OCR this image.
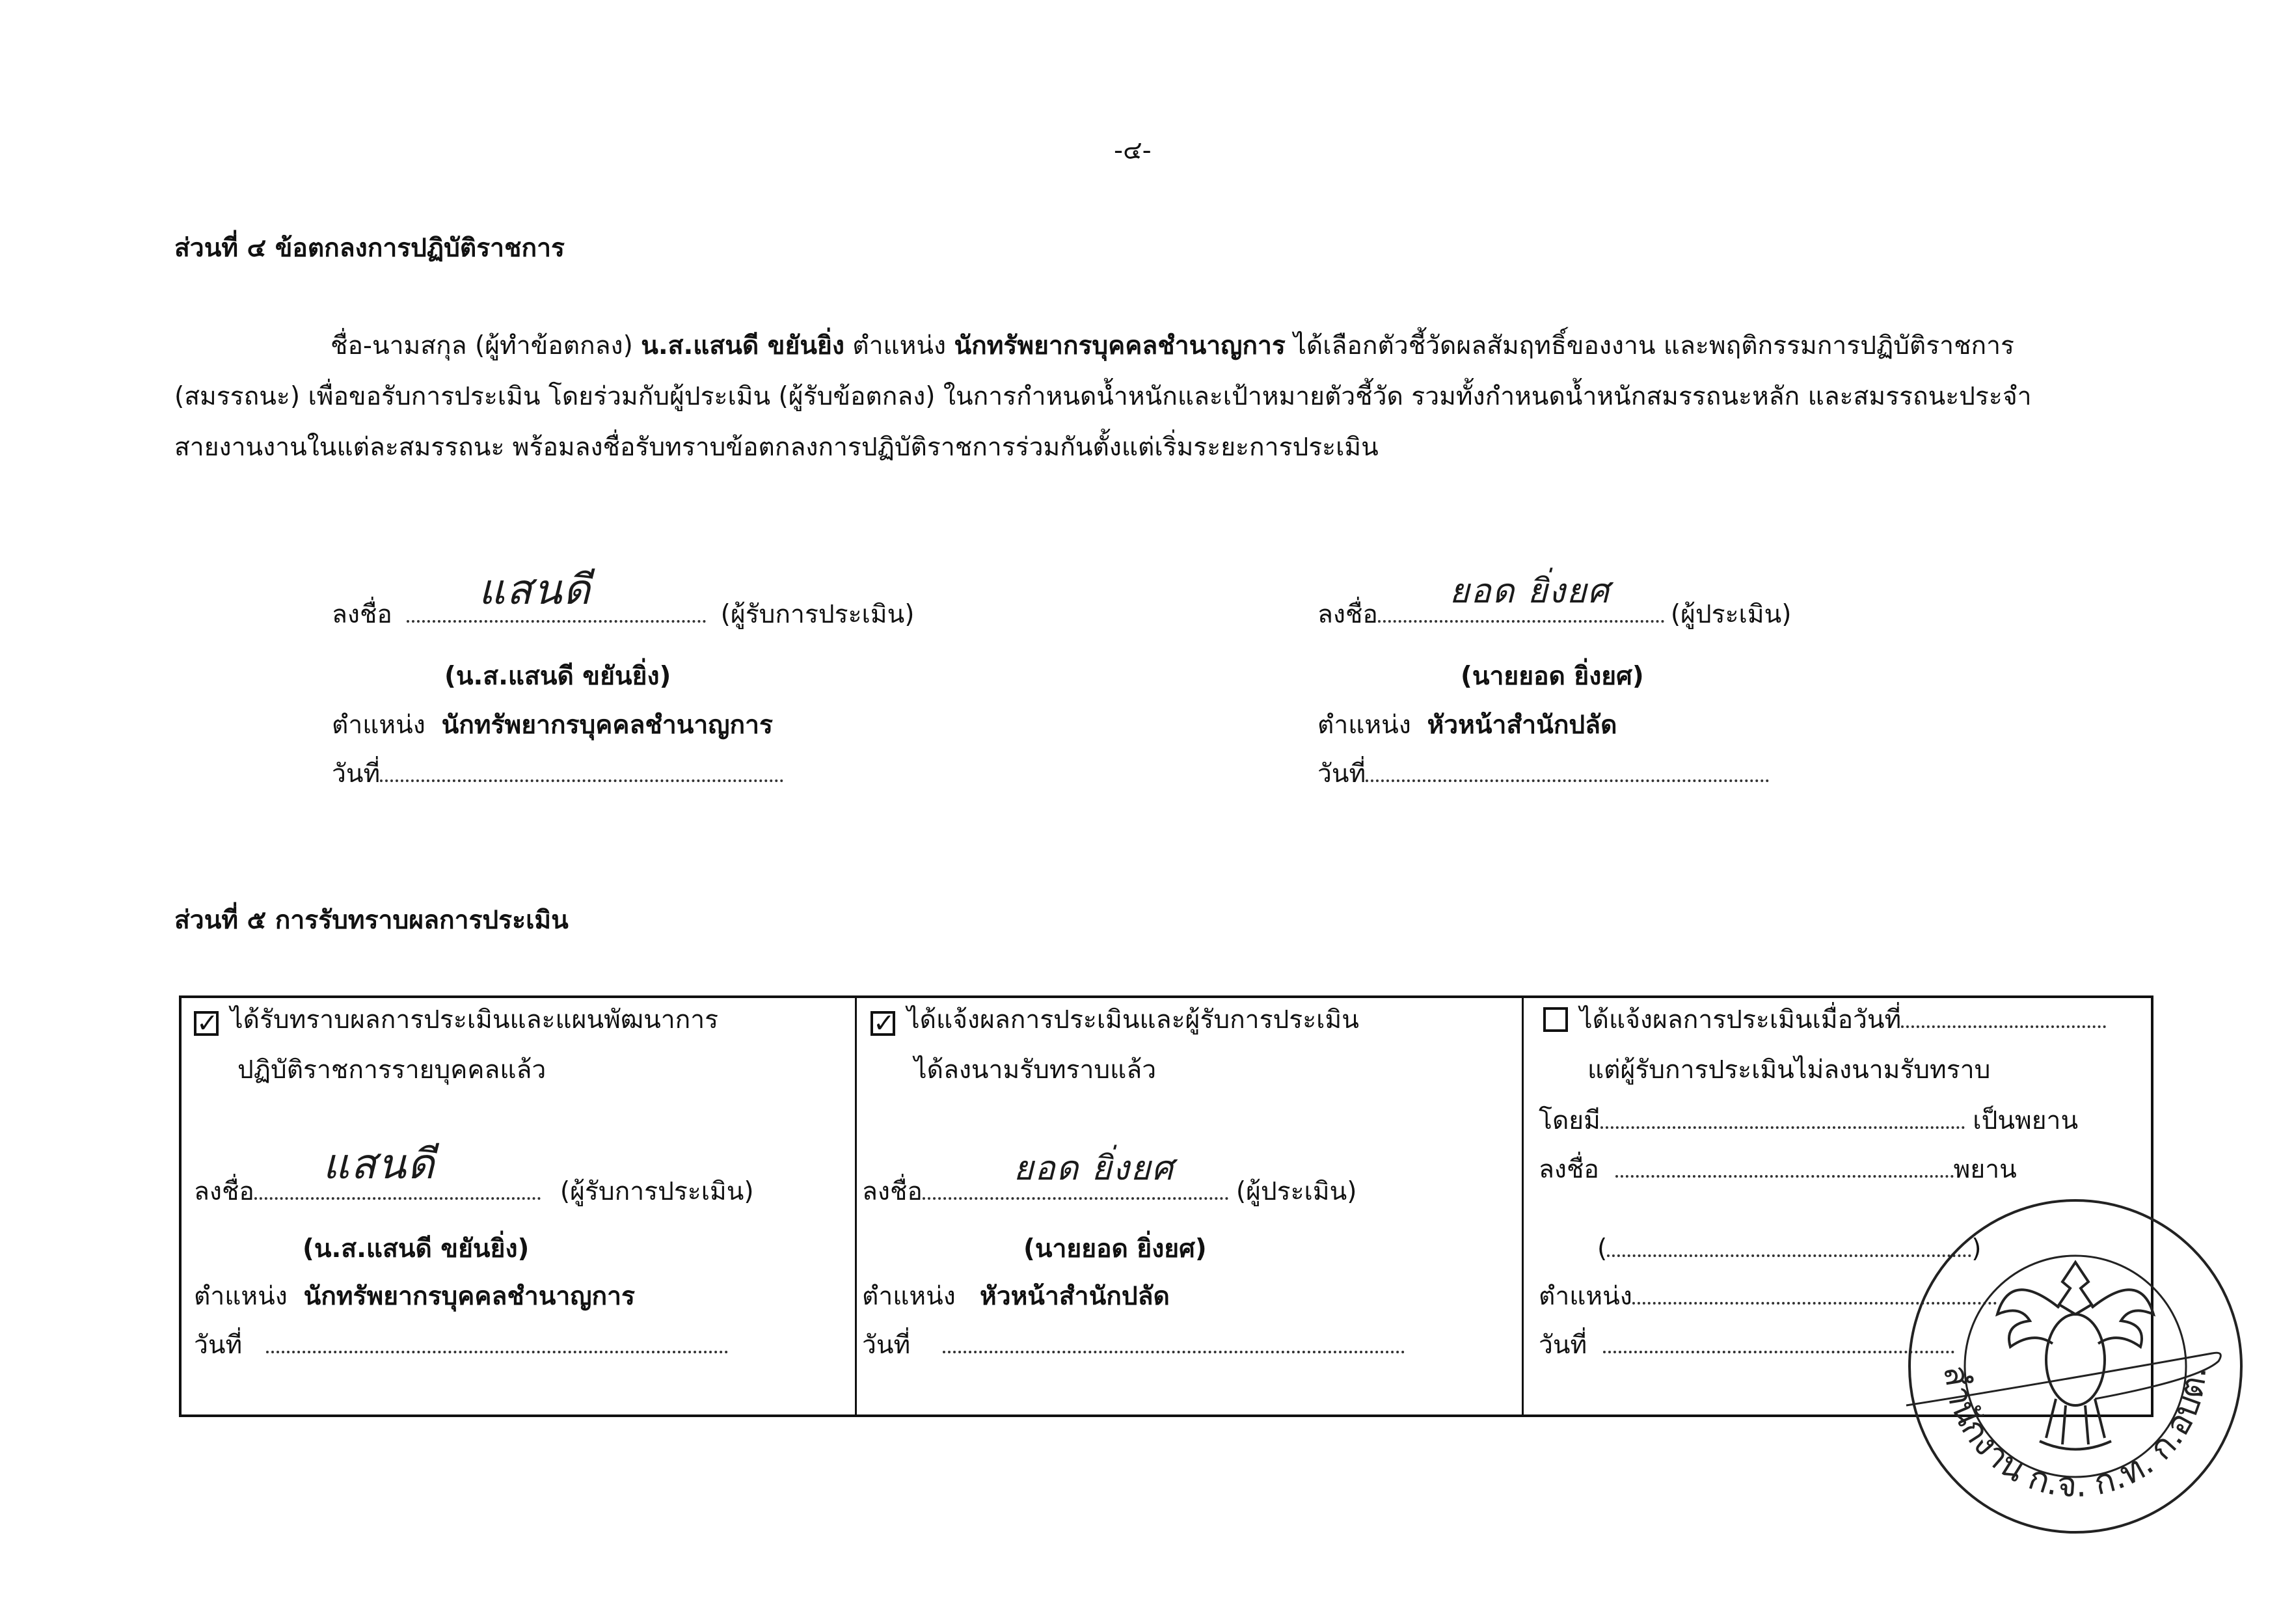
-๔-
ส่วนที่ ๔ ข้อตกลงการปฏิบัติราชการ
ชื่อ-นามสกุล (ผู้ทำข้อตกลง) น.ส.แสนดี ขยันยิ่ง ตำแหน่ง นักทรัพยากรบุคคลชำนาญการ ได้เลือกตัวชี้วัดผลสัมฤทธิ์ของงาน และพฤติกรรมการปฏิบัติราชการ
(สมรรถนะ) เพื่อขอรับการประเมิน โดยร่วมกับผู้ประเมิน (ผู้รับข้อตกลง) ในการกำหนดน้ำหนักและเป้าหมายตัวชี้วัด รวมทั้งกำหนดน้ำหนักสมรรถนะหลัก และสมรรถนะประจำ
สายงานงานในแต่ละสมรรถนะ พร้อมลงชื่อรับทราบข้อตกลงการปฏิบัติราชการร่วมกันตั้งแต่เริ่มระยะการประเมิน
ลงชื่อ
แสนดี
(ผู้รับการประเมิน)
(น.ส.แสนดี ขยันยิ่ง)
ตำแหน่ง นักทรัพยากรบุคคลชำนาญการ
วันที่
ลงชื่อ
ยอด ยิ่งยศ
(ผู้ประเมิน)
(นายยอด ยิ่งยศ)
ตำแหน่ง หัวหน้าสำนักปลัด
วันที่
ส่วนที่ ๕ การรับทราบผลการประเมิน
✓ ได้รับทราบผลการประเมินและแผนพัฒนาการ
ปฏิบัติราชการรายบุคคลแล้ว
ลงชื่อ
แสนดี
(ผู้รับการประเมิน)
(น.ส.แสนดี ขยันยิ่ง)
ตำแหน่ง นักทรัพยากรบุคคลชำนาญการ
วันที่
✓ ได้แจ้งผลการประเมินและผู้รับการประเมิน
ได้ลงนามรับทราบแล้ว
ลงชื่อ
ยอด ยิ่งยศ
(ผู้ประเมิน)
(นายยอด ยิ่งยศ)
ตำแหน่ง หัวหน้าสำนักปลัด
วันที่
ได้แจ้งผลการประเมินเมื่อวันที่
แต่ผู้รับการประเมินไม่ลงนามรับทราบ
โดยมี	เป็นพยาน
ลงชื่อ	พยาน
(	)
ตำแหน่ง
วันที่
สำนักงาน ก.จ. ก.ท. ก.อบต.
